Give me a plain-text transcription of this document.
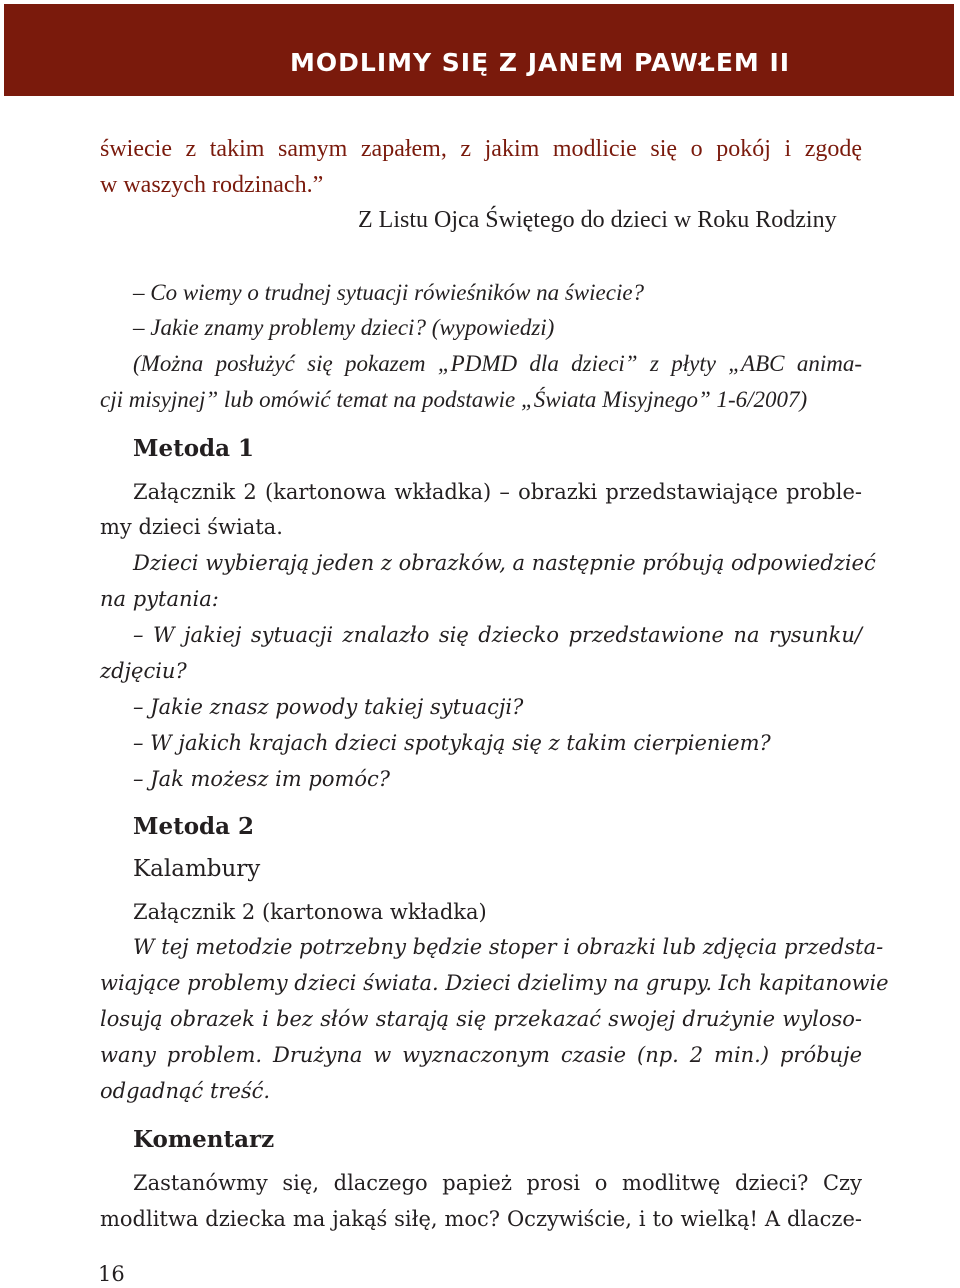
MODLIMY SIĘ Z JANEM PAWŁEM II
świecie z takim samym zapałem, z jakim modlicie się o pokój i zgodę
w waszych rodzinach.”
Z Listu Ojca Świętego do dzieci w Roku Rodziny
– Co wiemy o trudnej sytuacji rówieśników na świecie?
– Jakie znamy problemy dzieci? (wypowiedzi)
(Można posłużyć się pokazem „PDMD dla dzieci” z płyty „ABC anima-
cji misyjnej” lub omówić temat na podstawie „Świata Misyjnego” 1-6/2007)
Metoda 1
Załącznik 2 (kartonowa wkładka) – obrazki przedstawiające proble-
my dzieci świata.
Dzieci wybierają jeden z obrazków, a następnie próbują odpowiedzieć
na pytania:
– W jakiej sytuacji znalazło się dziecko przedstawione na rysunku/
zdjęciu?
– Jakie znasz powody takiej sytuacji?
– W jakich krajach dzieci spotykają się z takim cierpieniem?
– Jak możesz im pomóc?
Metoda 2
Kalambury
Załącznik 2 (kartonowa wkładka)
W tej metodzie potrzebny będzie stoper i obrazki lub zdjęcia przedsta-
wiające problemy dzieci świata. Dzieci dzielimy na grupy. Ich kapitanowie
losują obrazek i bez słów starają się przekazać swojej drużynie wyloso-
wany problem. Drużyna w wyznaczonym czasie (np. 2 min.) próbuje
odgadnąć treść.
Komentarz
Zastanówmy się, dlaczego papież prosi o modlitwę dzieci? Czy
modlitwa dziecka ma jakąś siłę, moc? Oczywiście, i to wielką! A dlacze-
16
